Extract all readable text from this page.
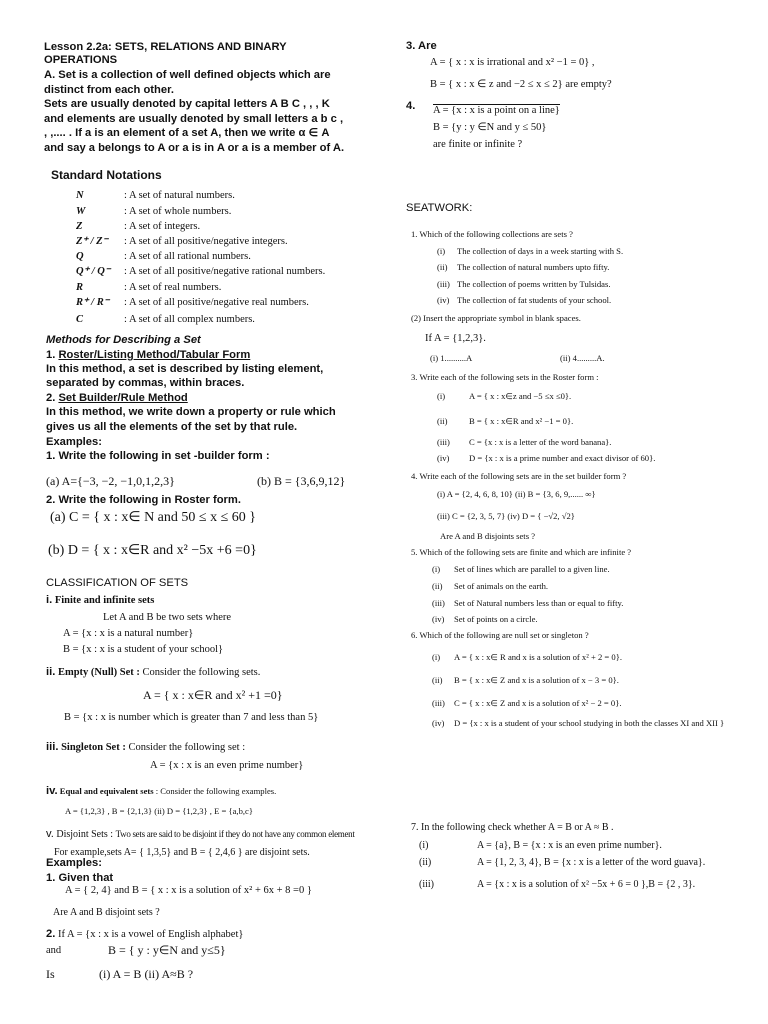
Lesson 2.2a: SETS, RELATIONS AND BINARY
OPERATIONS
A. Set is a collection of well defined objects which are
distinct from each other.
Sets are usually denoted by capital letters A B C , , , K
and elements are usually denoted by small letters a b c ,
, ,.... . If a is an element of a set A, then we write α ∈ A
and say a belongs to A or a is in A or a is a member of A.
Standard Notations
N	: A set of natural numbers.
W	: A set of whole numbers.
Z	: A set of integers.
Z⁺ / Z⁻ : A set of all positive/negative integers.
Q	: A set of all rational numbers.
Q⁺ / Q⁻ : A set of all positive/negative rational numbers.
R	: A set of real numbers.
R⁺ / R⁻ : A set of all positive/negative real numbers.
C	: A set of all complex numbers.
Methods for Describing a Set
1. Roster/Listing Method/Tabular Form
In this method, a set is described by listing element,
separated by commas, within braces.
2. Set Builder/Rule Method
In this method, we write down a property or rule which
gives us all the elements of the set by that rule.
Examples:
1. Write the following in set -builder form :
(a) A={−3, −2, −1,0,1,2,3}	(b) B = {3,6,9,12}
2. Write the following in Roster form.
(a) C = { x : x∈ N and 50 ≤ x ≤ 60 }
(b) D = { x : x∈R and x² −5x +6 =0}
CLASSIFICATION OF SETS
i. Finite and infinite sets
Let A and B be two sets where
A = {x : x is a natural number}
B = {x : x is a student of your school}
ii. Empty (Null) Set : Consider the following sets.
A = { x : x∈R and x² +1 =0}
B = {x : x is number which is greater than 7 and less than 5}
iii. Singleton Set : Consider the following set :
A = {x : x is an even prime number}
iv. Equal and equivalent sets : Consider the following examples.
A = {1,2,3} , B = {2,1,3} (ii) D = {1,2,3} , E = {a,b,c}
v. Disjoint Sets : Two sets are said to be disjoint if they do not have any common element
For example,sets A= { 1,3,5} and B = { 2,4,6 } are disjoint sets.
Examples:
1. Given that
A = { 2, 4} and B = { x : x is a solution of x² + 6x + 8 =0 }
Are A and B disjoint sets ?
2. If A = {x : x is a vowel of English alphabet}
and	B = { y : y∈N and y≤5}
Is	(i) A = B (ii) A≈B ?
3. Are
A = { x : x is irrational and x² −1 = 0} ,
B = { x : x ∈ z and −2 ≤ x ≤ 2} are empty?
4. A = {x : x is a point on a line}
B = {y : y ∈N and y ≤ 50}
are finite or infinite ?
SEATWORK:
1. Which of the following collections are sets ?
(i) The collection of days in a week starting with S.
(ii) The collection of natural numbers upto fifty.
(iii) The collection of poems written by Tulsidas.
(iv) The collection of fat students of your school.
(2) Insert the appropriate symbol in blank spaces.
If A = {1,2,3}.
(i) 1..........A	(ii) 4.........A.
3. Write each of the following sets in the Roster form :
(i)	A = { x : x∈z and −5 ≤x ≤0}.
(ii)	B = { x : x∈R and x² −1 = 0}.
(iii) C = {x : x is a letter of the word banana}.
(iv) D = {x : x is a prime number and exact divisor of 60}.
4. Write each of the following sets are in the set builder form ?
(i) A = {2, 4, 6, 8, 10} (ii) B = {3, 6, 9,...... ∞}
(iii) C = {2, 3, 5, 7} (iv) D = { −√2, √2}
Are A and B disjoints sets ?
5. Which of the following sets are finite and which are infinite ?
(i) Set of lines which are parallel to a given line.
(ii) Set of animals on the earth.
(iii) Set of Natural numbers less than or equal to fifty.
(iv) Set of points on a circle.
6. Which of the following are null set or singleton ?
(i) A = { x : x∈ R and x is a solution of x² + 2 = 0}.
(ii) B = { x : x∈ Z and x is a solution of x − 3 = 0}.
(iii) C = { x : x∈ Z and x is a solution of x² − 2 = 0}.
(iv) D = {x : x is a student of your school studying in both the classes XI and XII }
7. In the following check whether A = B or A ≈ B .
(i)	A = {a}, B = {x : x is an even prime number}.
(ii)	A = {1, 2, 3, 4}, B = {x : x is a letter of the word guava}.
(iii)	A = {x : x is a solution of x² −5x + 6 = 0 },B = {2 , 3}.
